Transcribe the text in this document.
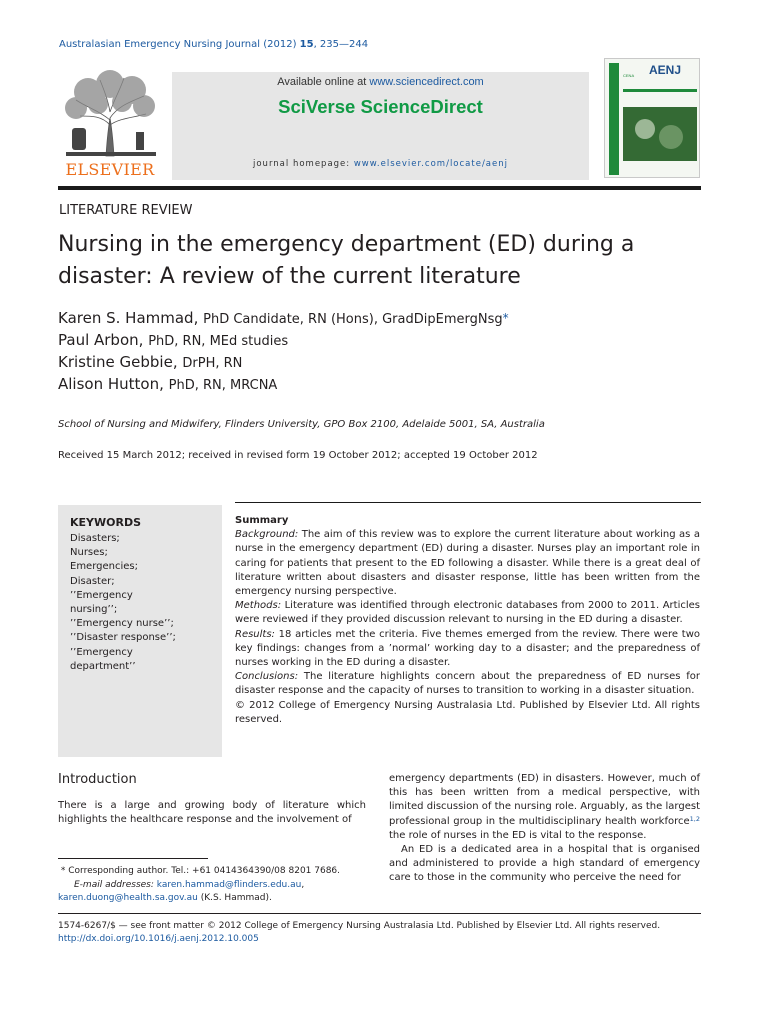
Australasian Emergency Nursing Journal (2012) 15, 235—244
ELSEVIER
Available online at www.sciencedirect.com
SciVerse ScienceDirect
journal homepage: www.elsevier.com/locate/aenj
AENJ
CENA
LITERATURE REVIEW
Nursing in the emergency department (ED) during a disaster: A review of the current literature
Karen S. Hammad, PhD Candidate, RN (Hons), GradDipEmergNsg*
Paul Arbon, PhD, RN, MEd studies
Kristine Gebbie, DrPH, RN
Alison Hutton, PhD, RN, MRCNA
School of Nursing and Midwifery, Flinders University, GPO Box 2100, Adelaide 5001, SA, Australia
Received 15 March 2012; received in revised form 19 October 2012; accepted 19 October 2012
KEYWORDS
Disasters;
Nurses;
Emergencies;
Disaster;
’’Emergency
nursing’’;
’’Emergency nurse’’;
’’Disaster response’’;
’’Emergency
department’’
Summary
Background: The aim of this review was to explore the current literature about working as a nurse in the emergency department (ED) during a disaster. Nurses play an important role in caring for patients that present to the ED following a disaster. While there is a great deal of literature written about disasters and disaster response, little has been written from the emergency nursing perspective.
Methods: Literature was identified through electronic databases from 2000 to 2011. Articles were reviewed if they provided discussion relevant to nursing in the ED during a disaster.
Results: 18 articles met the criteria. Five themes emerged from the review. There were two key findings: changes from a ’normal’ working day to a disaster; and the preparedness of nurses working in the ED during a disaster.
Conclusions: The literature highlights concern about the preparedness of ED nurses for disaster response and the capacity of nurses to transition to working in a disaster situation.
© 2012 College of Emergency Nursing Australasia Ltd. Published by Elsevier Ltd. All rights reserved.
Introduction
There is a large and growing body of literature which highlights the healthcare response and the involvement of
emergency departments (ED) in disasters. However, much of this has been written from a medical perspective, with limited discussion of the nursing role. Arguably, as the largest professional group in the multidisciplinary health workforce$^{1,2}$ the role of nurses in the ED is vital to the response.
An ED is a dedicated area in a hospital that is organised and administered to provide a high standard of emergency care to those in the community who perceive the need for
* Corresponding author. Tel.: +61 0414364390/08 8201 7686.
E-mail addresses: karen.hammad@flinders.edu.au,
karen.duong@health.sa.gov.au (K.S. Hammad).
1574-6267/$ — see front matter © 2012 College of Emergency Nursing Australasia Ltd. Published by Elsevier Ltd. All rights reserved.
http://dx.doi.org/10.1016/j.aenj.2012.10.005
